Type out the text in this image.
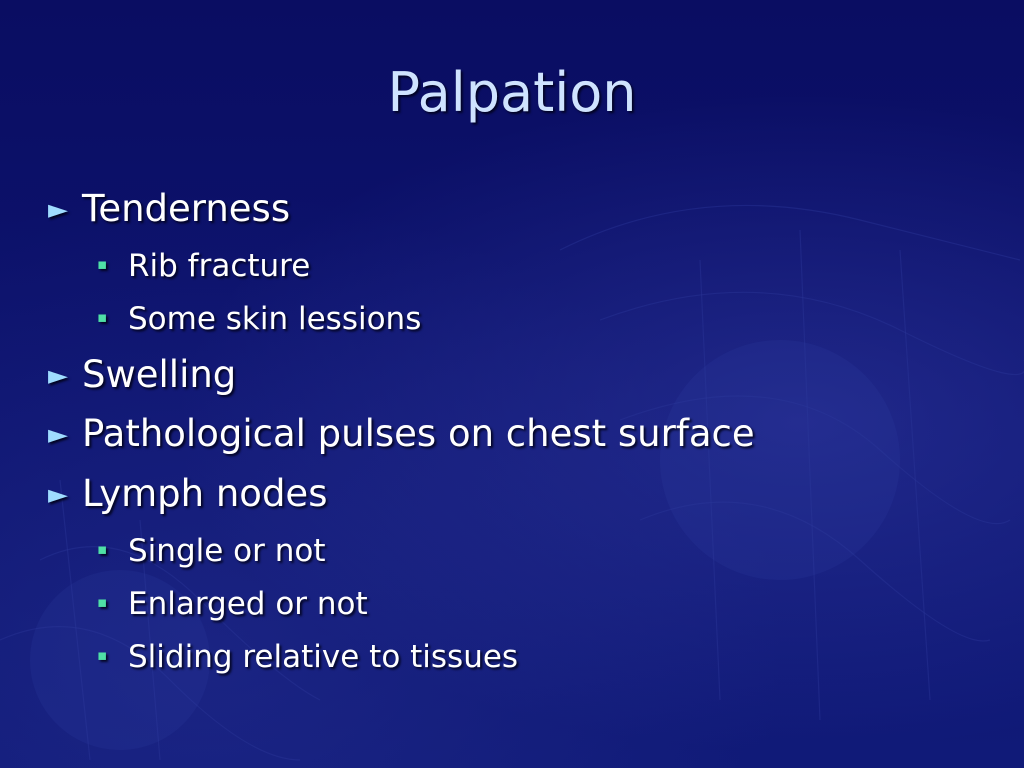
Palpation
► Tenderness
▪ Rib fracture
▪ Some skin lessions
► Swelling
► Pathological pulses on chest surface
► Lymph nodes
▪ Single or not
▪ Enlarged or not
▪ Sliding relative to tissues
